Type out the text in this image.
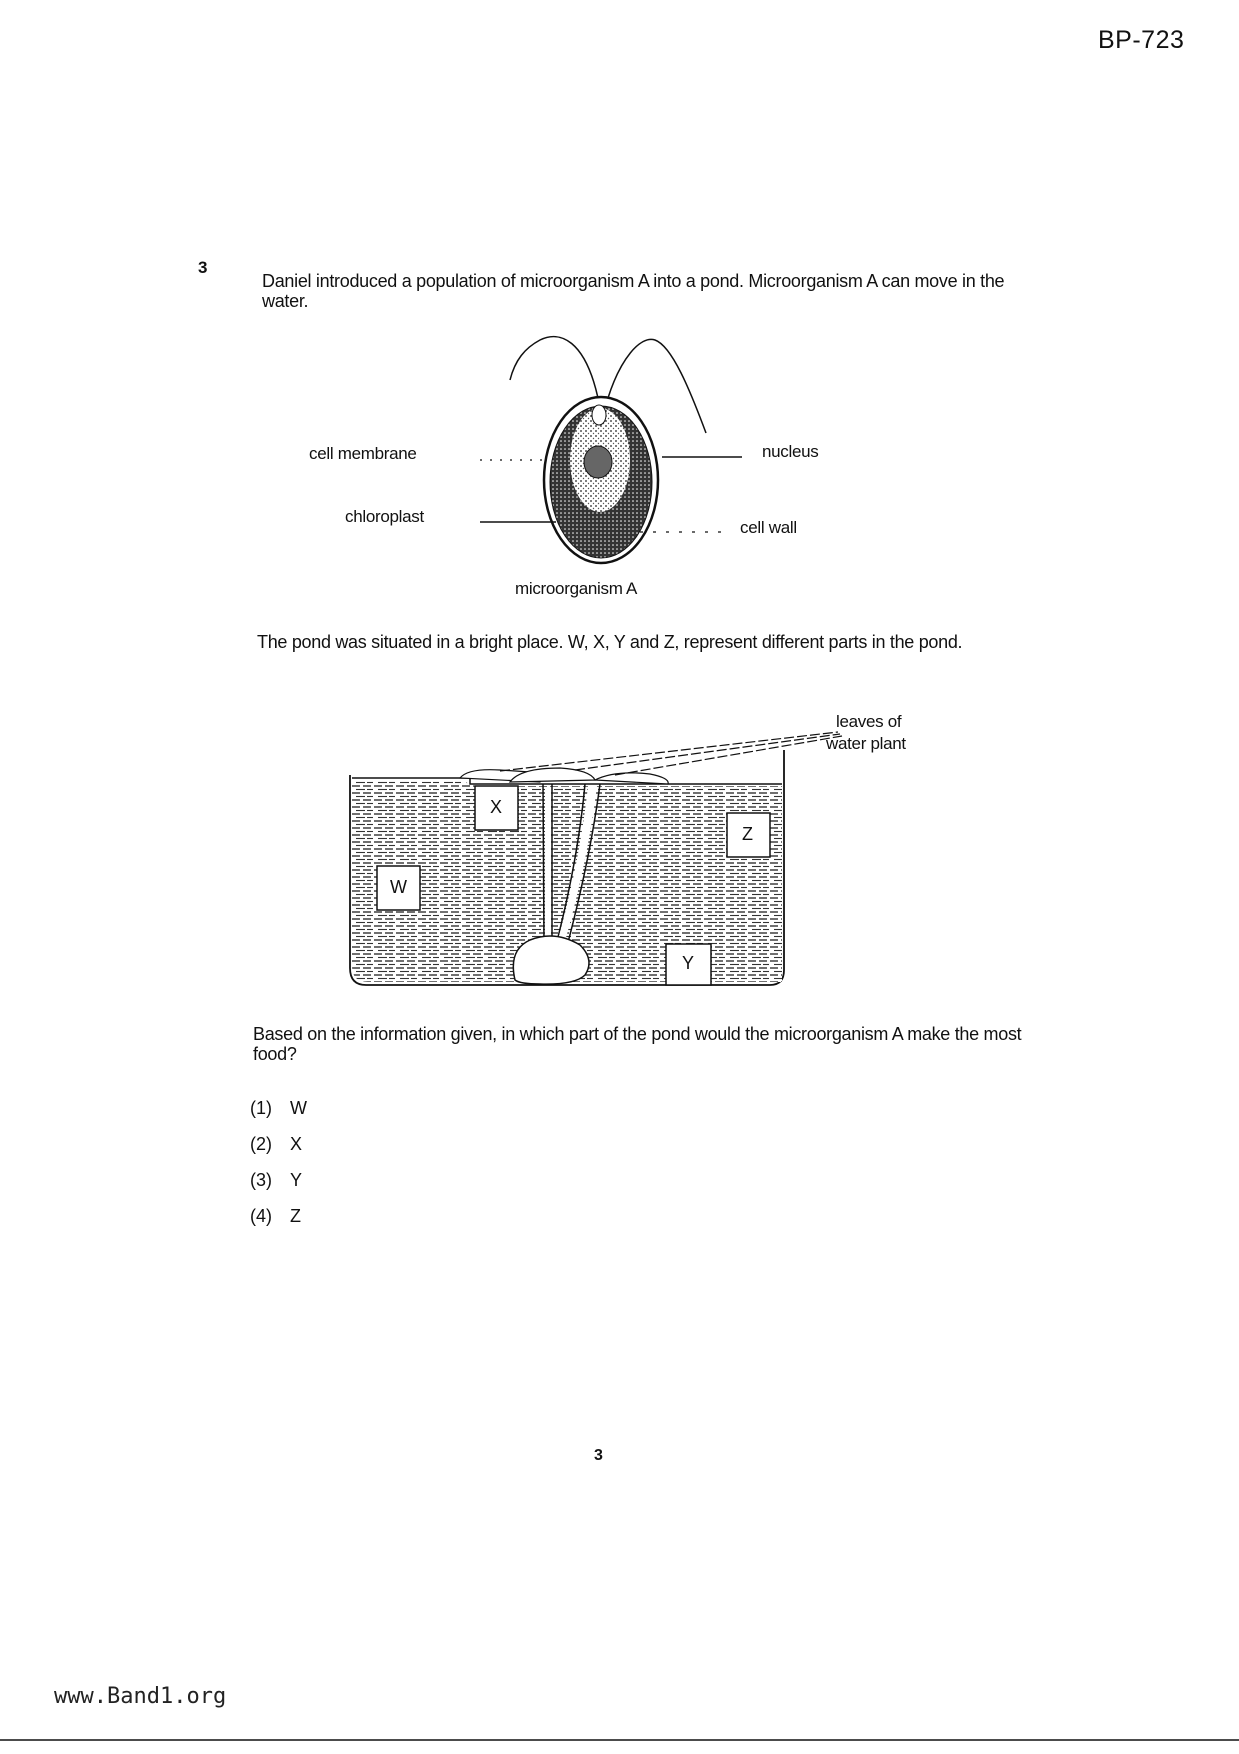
BP-723
3
Daniel introduced a population of microorganism A into a pond. Microorganism A can move in the water.
cell membrane
chloroplast
nucleus
cell wall
microorganism A
The pond was situated in a bright place. W, X, Y and Z, represent different parts in the pond.
leaves of
water plant
X
Z
W
Y
Based on the information given, in which part of the pond would the microorganism A make the most food?
(1) W
(2) X
(3) Y
(4) Z
3
www.Band1.org
